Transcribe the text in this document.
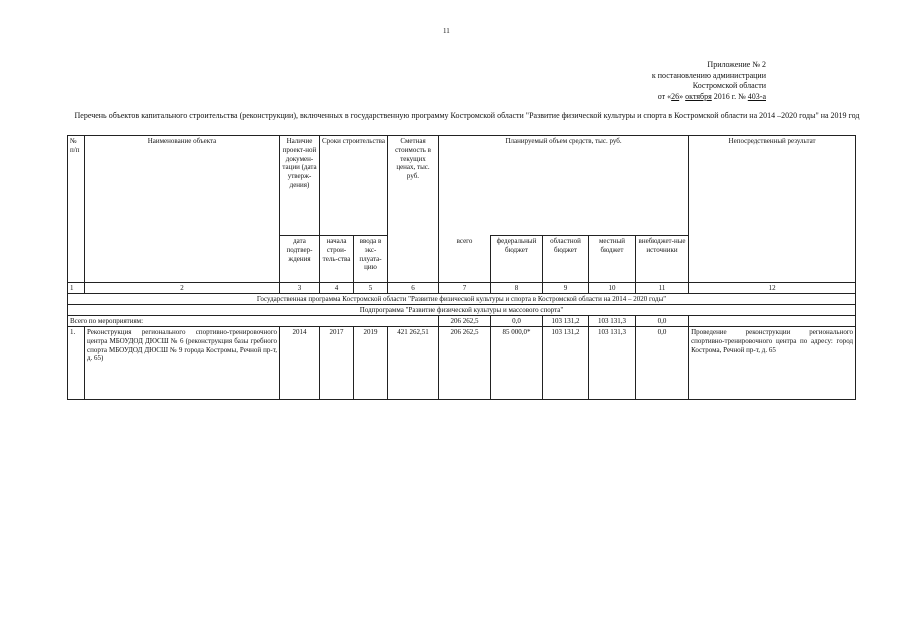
11
Приложение № 2
к постановлению администрации
Костромской области
от «26» октября 2016 г. № 403-а
Перечень объектов капитального строительства (реконструкции), включенных в государственную программу Костромской области "Развитие физической культуры и спорта в Костромской области на 2014 –2020 годы" на 2019 год
№ п/п	Наименование объекта	Наличие проект-ной докумен-тации (дата утверж-дения)	Сроки строительства		Сметная стоимость в текущих ценах, тыс. руб.	Планируемый объем средств, тыс. руб.					Непосредственный результат
		дата подтвер-ждения	начала строи-тель-ства	ввода в экс-плуата-цию		всего	федеральный бюджет	областной бюджет	местный бюджет	внебюджет-ные источники	
1	2	3	4	5	6	7	8	9	10	11	12
Государственная программа Костромской области "Развитие физической культуры и спорта в Костромской области на 2014 – 2020 годы"											
Подпрограмма "Развитие физической культуры и массового спорта"											
Всего по мероприятиям:						206 262,5	0,0	103 131,2	103 131,3	0,0	
1.	Реконструкция регионального спортивно-тренировочного центра МБОУДОД ДЮСШ № 6 (реконструкция базы гребного спорта МБОУДОД ДЮСШ № 9 города Костромы, Речной пр-т, д. 65)	2014	2017	2019	421 262,51	206 262,5	85 000,0*	103 131,2	103 131,3	0,0	Проведение реконструкции регионального спортивно-тренировочного центра по адресу: город Кострома, Речной пр-т, д. 65
